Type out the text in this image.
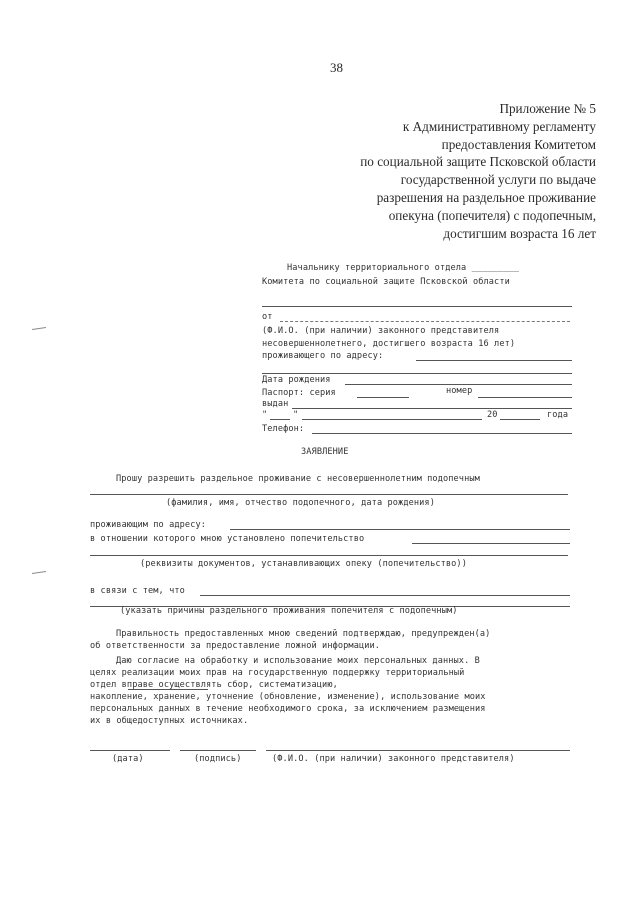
38
Приложение № 5
к Административному регламенту
предоставления Комитетом
по социальной защите Псковской области
государственной услуги по выдаче
разрешения на раздельное проживание
опекуна (попечителя) с подопечным,
достигшим возраста 16 лет
Начальнику территориального отдела _________
Комитета по социальной защите Псковской области
от
(Ф.И.О. (при наличии) законного представителя
несовершеннолетнего, достигшего возраста 16 лет)
проживающего по адресу:
Дата рождения
Паспорт: серия	номер
выдан
"	"	20	года
Телефон:
ЗАЯВЛЕНИЕ
Прошу разрешить раздельное проживание с несовершеннолетним подопечным
(фамилия, имя, отчество подопечного, дата рождения)
проживающим по адресу:
в отношении которого мною установлено попечительство
(реквизиты документов, устанавливающих опеку (попечительство))
в связи с тем, что
(указать причины раздельного проживания попечителя с подопечным)
Правильность предоставленных мною сведений подтверждаю, предупрежден(а)
об ответственности за предоставление ложной информации.
Даю согласие на обработку и использование моих персональных данных. В
целях реализации моих прав на государственную поддержку территориальный
отдел вправе осуществлять сбор, систематизацию,
накопление, хранение, уточнение (обновление, изменение), использование моих
персональных данных в течение необходимого срока, за исключением размещения
их в общедоступных источниках.
(дата)	(подпись)	(Ф.И.О. (при наличии) законного представителя)
